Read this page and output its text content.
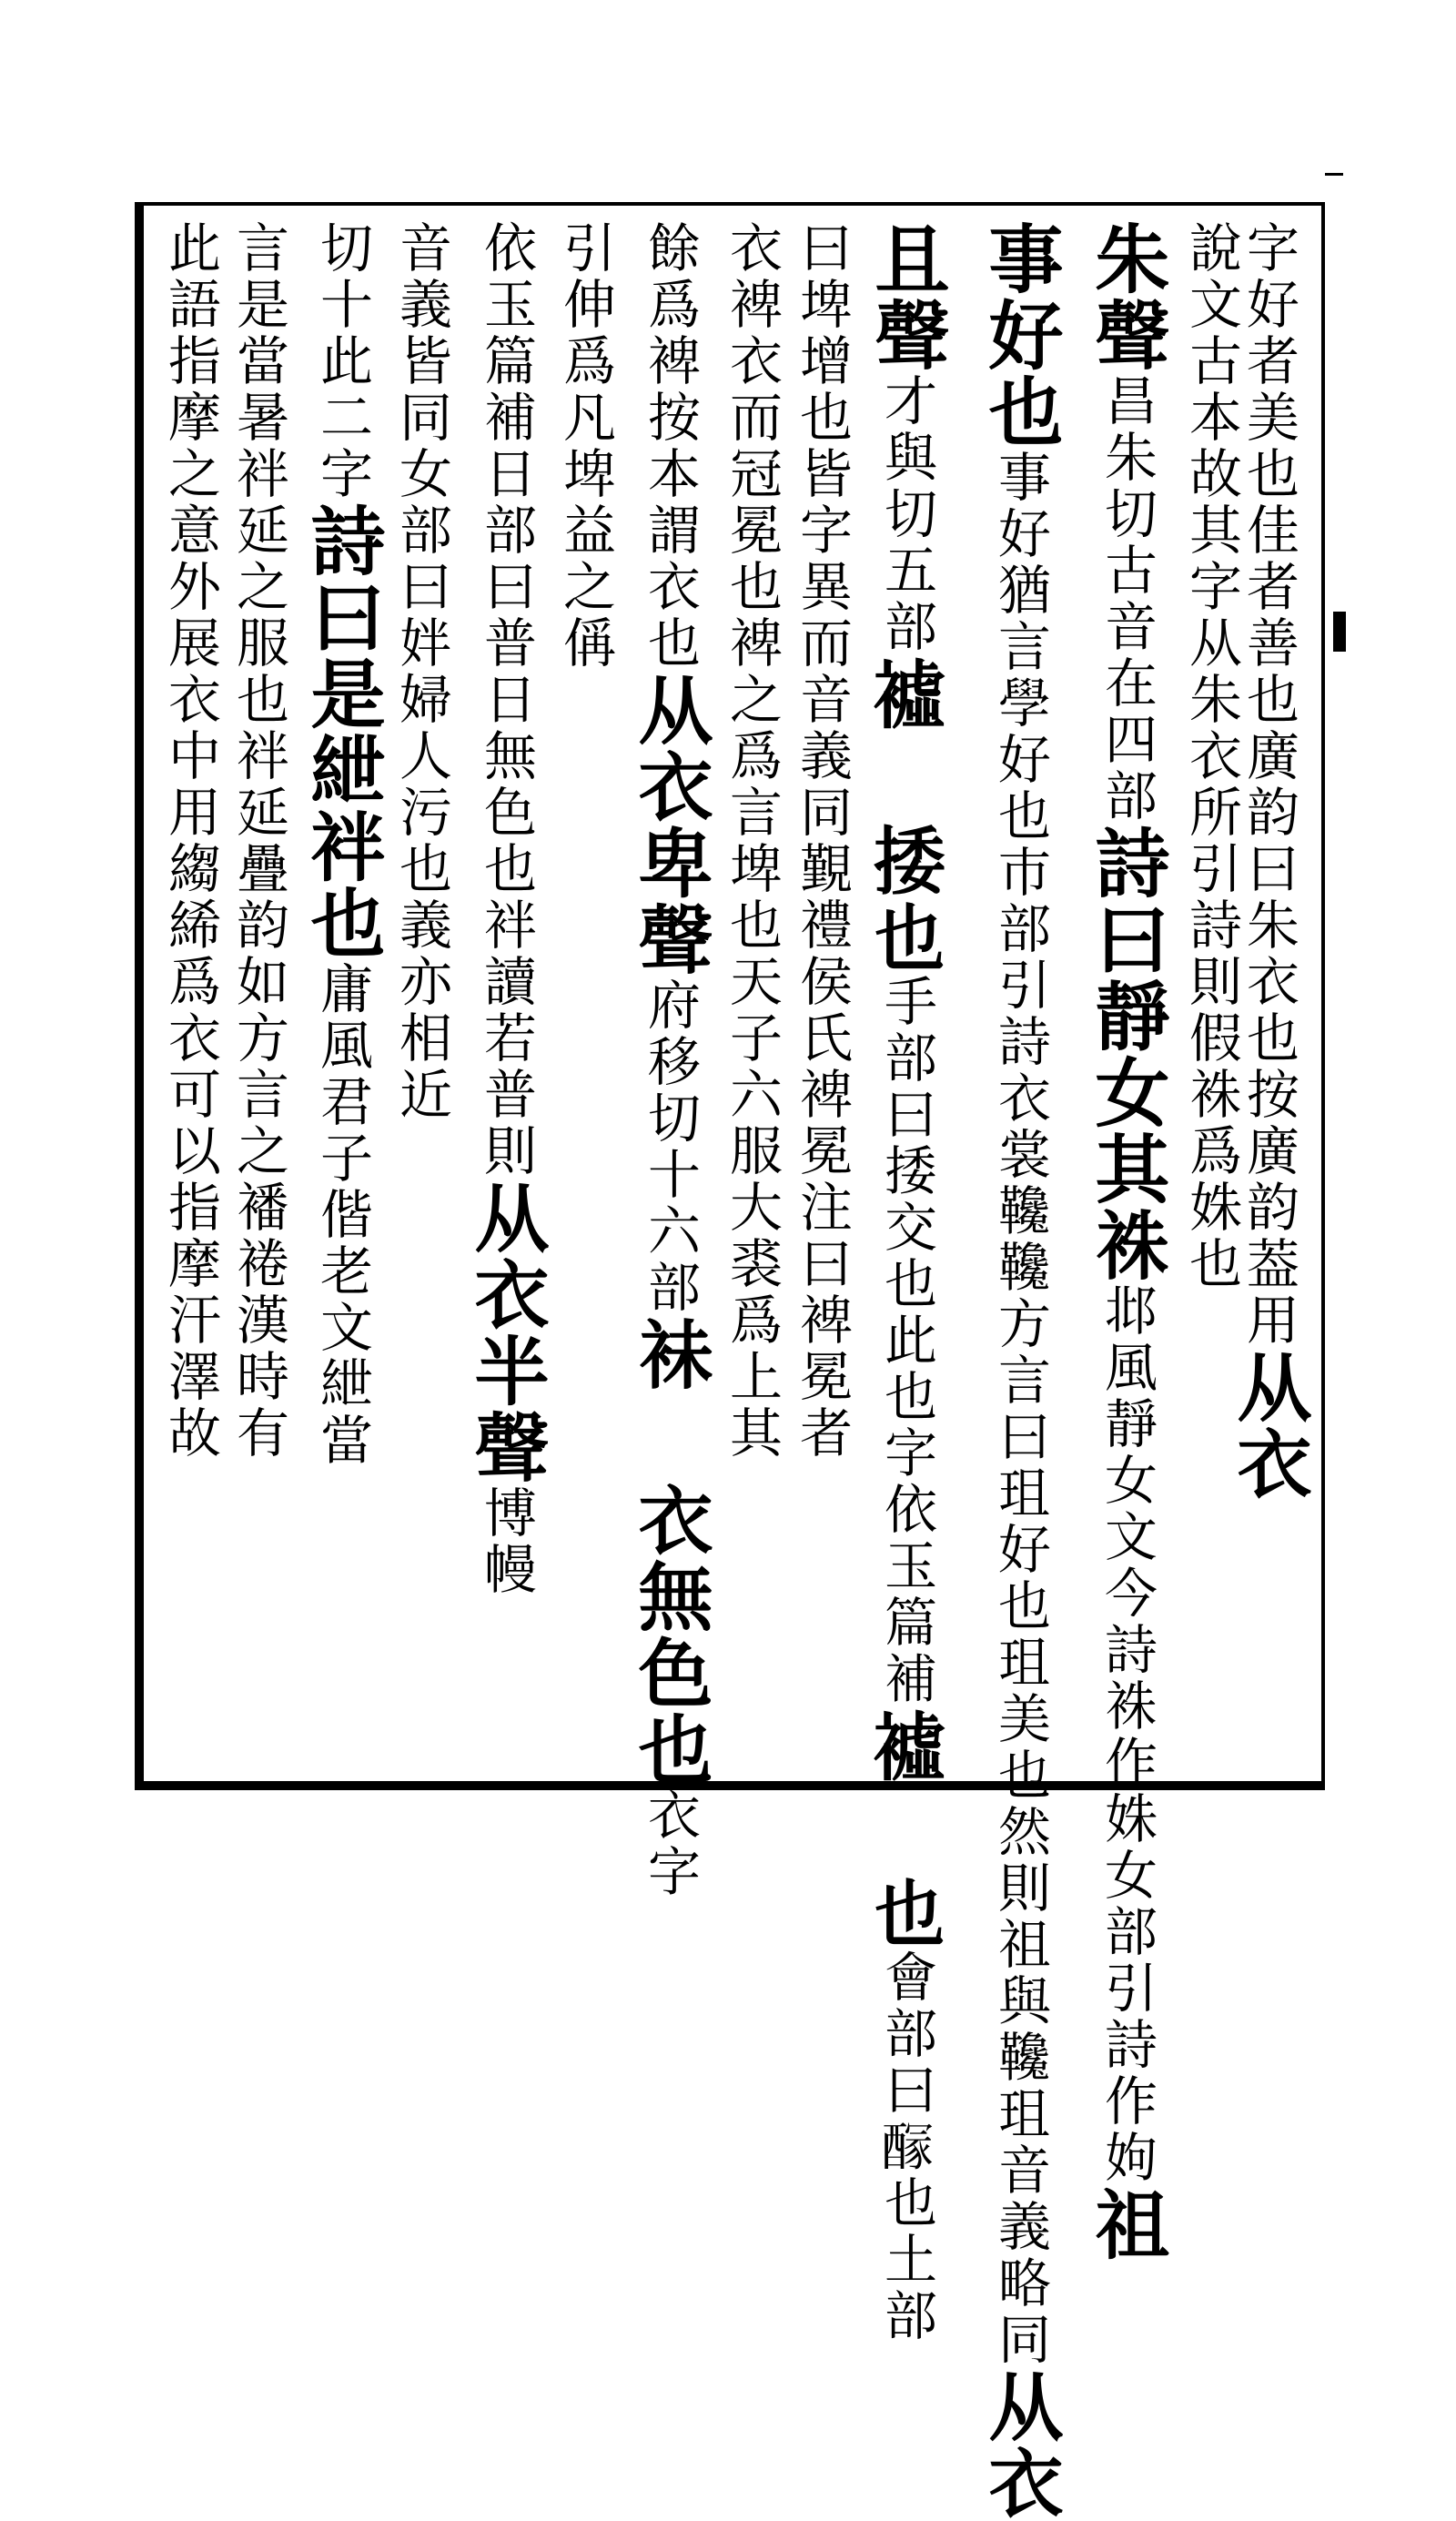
字好者美也佳者善也廣韵曰朱衣也按廣韵葢用从衣
說文古本故其字从朱衣所引詩則假袾爲姝也
朱聲昌朱切古音在四部詩曰靜女其袾邶風靜女文今詩袾作姝女部引詩作姁祖
事好也事好猶言學好也巿部引詩衣裳䪌䪌方言曰珇好也珇美也然則祖與䪌珇音義略同从衣
且聲才與切五部𧝔 捼也手部曰捼交也此也字依玉篇補𧝔 也會部曰𨢊也土部
曰埤增也皆字異而音義同覲禮侯氏裨冕注曰裨冕者
衣裨衣而冠冕也裨之爲言埤也天子六服大裘爲上其
餘爲裨按本謂衣也从衣卑聲府移切十六部𧙕 衣無色也衣字
引伸爲凡埤益之偁
依玉篇補日部曰普日無色也袢讀若普則从衣半聲博幔
音義皆同女部曰姅婦人污也義亦相近
切十此二字詩曰是紲袢也庸風君子偕老文紲當
言是當暑袢延之服也袢延疊韵如方言之襎裷漢時有
此語指摩之意外展衣中用縐絺爲衣可以指摩汗澤故
